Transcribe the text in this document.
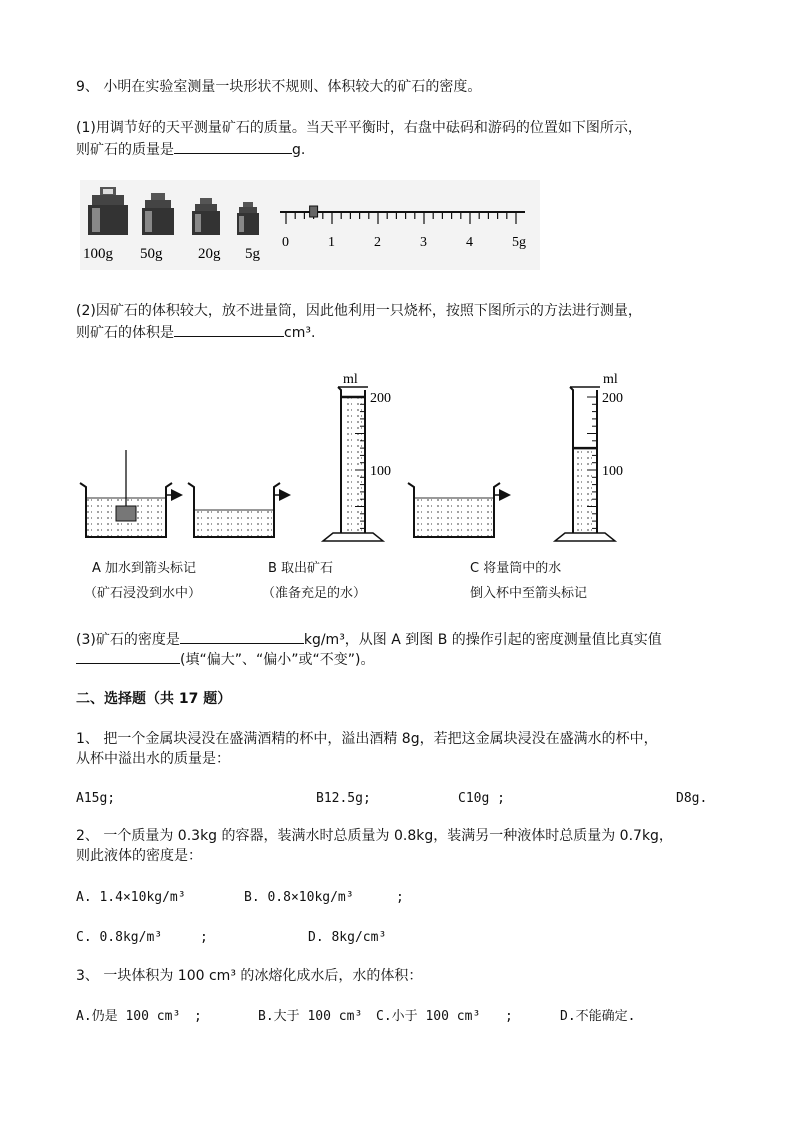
9、 小明在实验室测量一块形状不规则、体积较大的矿石的密度。
(1)用调节好的天平测量矿石的质量。当天平平衡时，右盘中砝码和游码的位置如下图所示，
则矿石的质量是	g.
100g 50g 20g 5g
0	1	2	3	4	5g
(2)因矿石的体积较大，放不进量筒，因此他利用一只烧杯，按照下图所示的方法进行测量，
则矿石的体积是	cm³.
200
100
200
100
ml	ml
A 加水到箭头标记
（矿石浸没到水中）
B 取出矿石
（准备充足的水）
C 将量筒中的水
倒入杯中至箭头标记
(3)矿石的密度是	kg/m³，从图 A 到图 B 的操作引起的密度测量值比真实值
(填“偏大”、“偏小”或“不变”)。
二、选择题（共 17 题）
1、 把一个金属块浸没在盛满酒精的杯中，溢出酒精 8g，若把这金属块浸没在盛满水的杯中，
从杯中溢出水的质量是：
A15g;	B12.5g;	C10g ;	D8g.
2、 一个质量为 0.3kg 的容器，装满水时总质量为 0.8kg，装满另一种液体时总质量为 0.7kg，
则此液体的密度是：
A. 1.4×10kg/m³	B. 0.8×10kg/m³	;
C. 0.8kg/m³	;	D. 8kg/cm³
3、 一块体积为 100 cm³ 的冰熔化成水后，水的体积：
A.仍是 100 cm³ ;	B.大于 100 cm³ C.小于 100 cm³ ;	D.不能确定.
